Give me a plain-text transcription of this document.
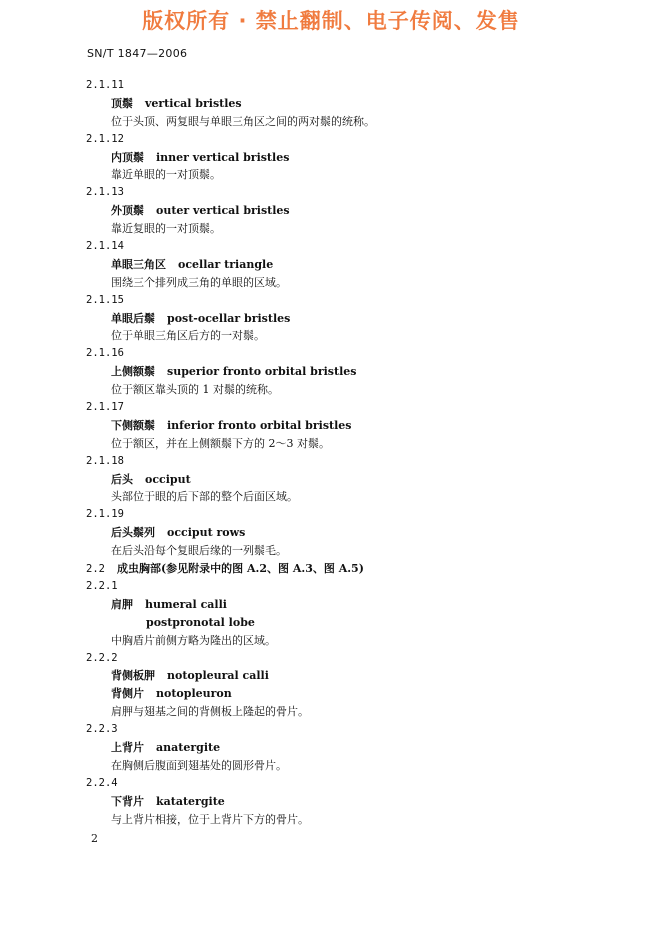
版权所有 · 禁止翻制、电子传阅、发售
SN/T 1847—2006
2.1.11
顶鬃 vertical bristles
位于头顶、两复眼与单眼三角区之间的两对鬃的统称。
2.1.12
内顶鬃 inner vertical bristles
靠近单眼的一对顶鬃。
2.1.13
外顶鬃 outer vertical bristles
靠近复眼的一对顶鬃。
2.1.14
单眼三角区 ocellar triangle
围绕三个排列成三角的单眼的区域。
2.1.15
单眼后鬃 post-ocellar bristles
位于单眼三角区后方的一对鬃。
2.1.16
上侧额鬃 superior fronto orbital bristles
位于额区靠头顶的 1 对鬃的统称。
2.1.17
下侧额鬃 inferior fronto orbital bristles
位于额区，并在上侧额鬃下方的 2～3 对鬃。
2.1.18
后头 occiput
头部位于眼的后下部的整个后面区域。
2.1.19
后头鬃列 occiput rows
在后头沿每个复眼后缘的一列鬃毛。
2.2 成虫胸部(参见附录中的图 A.2、图 A.3、图 A.5)
2.2.1
肩胛 humeral calli
postpronotal lobe
中胸盾片前侧方略为隆出的区域。
2.2.2
背侧板胛 notopleural calli
背侧片 notopleuron
肩胛与翅基之间的背侧板上隆起的骨片。
2.2.3
上背片 anatergite
在胸侧后腹面到翅基处的圆形骨片。
2.2.4
下背片 katatergite
与上背片相接，位于上背片下方的骨片。
2
